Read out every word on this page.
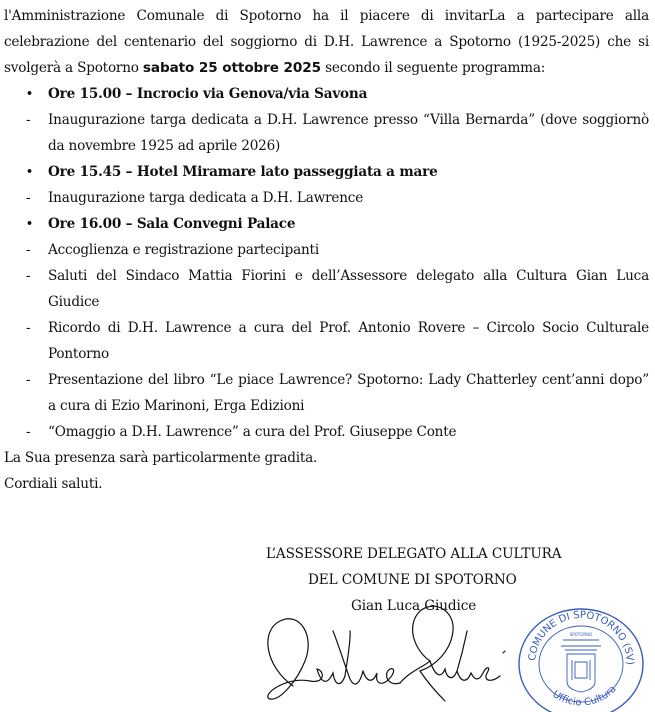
l'Amministrazione Comunale di Spotorno ha il piacere di invitarLa a partecipare alla celebrazione del centenario del soggiorno di D.H. Lawrence a Spotorno (1925-2025) che si svolgerà a Spotorno sabato 25 ottobre 2025 secondo il seguente programma:

•	Ore 15.00 – Incrocio via Genova/via Savona
-	Inaugurazione targa dedicata a D.H. Lawrence presso “Villa Bernarda” (dove soggiornò da novembre 1925 ad aprile 2026)
•	Ore 15.45 – Hotel Miramare lato passeggiata a mare
-	Inaugurazione targa dedicata a D.H. Lawrence
•	Ore 16.00 – Sala Convegni Palace
-	Accoglienza e registrazione partecipanti
-	Saluti del Sindaco Mattia Fiorini e dell’Assessore delegato alla Cultura Gian Luca Giudice
-	Ricordo di D.H. Lawrence a cura del Prof. Antonio Rovere – Circolo Socio Culturale Pontorno
-	Presentazione del libro “Le piace Lawrence? Spotorno: Lady Chatterley cent’anni dopo” a cura di Ezio Marinoni, Erga Edizioni
-	“Omaggio a D.H. Lawrence” a cura del Prof. Giuseppe Conte

La Sua presenza sarà particolarmente gradita.

Cordiali saluti.

L’ASSESSORE DELEGATO ALLA CULTURA
DEL COMUNE DI SPOTORNO
Gian Luca Giudice
COMUNE DI SPOTORNO (SV)
Ufficio Cultura
SPOTORNO
